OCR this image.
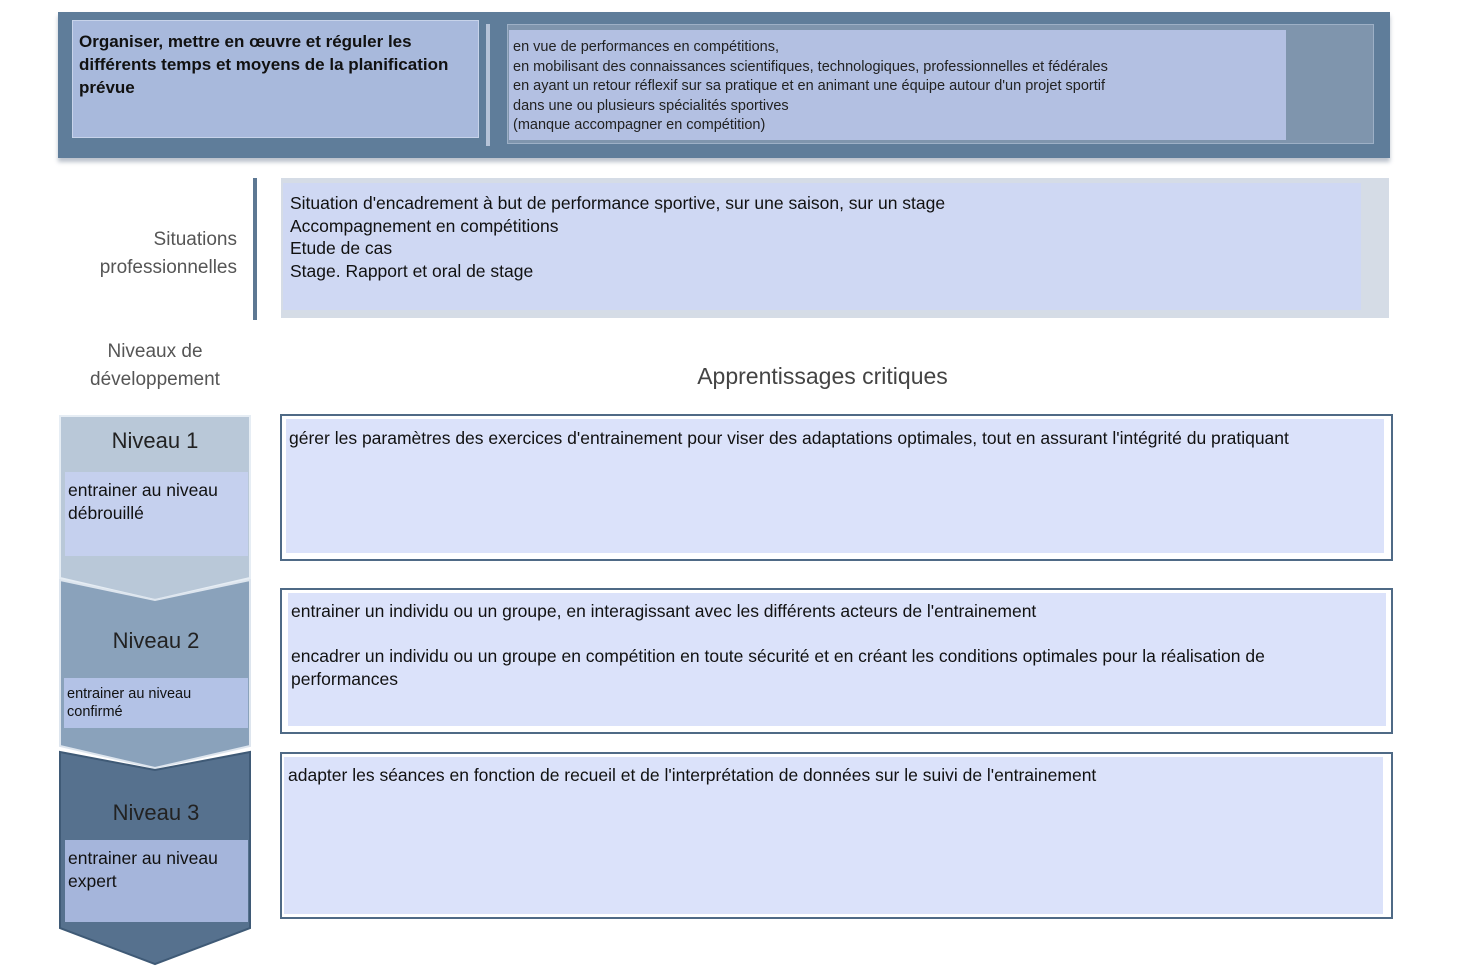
Organiser, mettre en œuvre et réguler les différents temps et moyens de la planification prévue
en vue de performances en compétitions,
en mobilisant des connaissances scientifiques, technologiques, professionnelles et fédérales
en ayant un retour réflexif sur sa pratique et en animant une équipe autour d'un projet sportif
dans une ou plusieurs spécialités sportives
(manque accompagner en compétition)
Situations
professionnelles
Situation d'encadrement à but de performance sportive, sur une saison, sur un stage
Accompagnement en compétitions
Etude de cas
Stage. Rapport et oral de stage
Niveaux de
développement	Apprentissages critiques
Niveau 1
entrainer au niveau débrouillé
Niveau 2
entrainer au niveau confirmé
Niveau 3
entrainer au niveau expert
gérer les paramètres des exercices d'entrainement pour viser des adaptations optimales, tout en assurant l'intégrité du pratiquant
entrainer un individu ou un groupe, en interagissant avec les différents acteurs de l'entrainement
encadrer un individu ou un groupe en compétition en toute sécurité et en créant les conditions optimales pour la réalisation de performances
adapter les séances en fonction de recueil et de l'interprétation de données sur le suivi de l'entrainement
